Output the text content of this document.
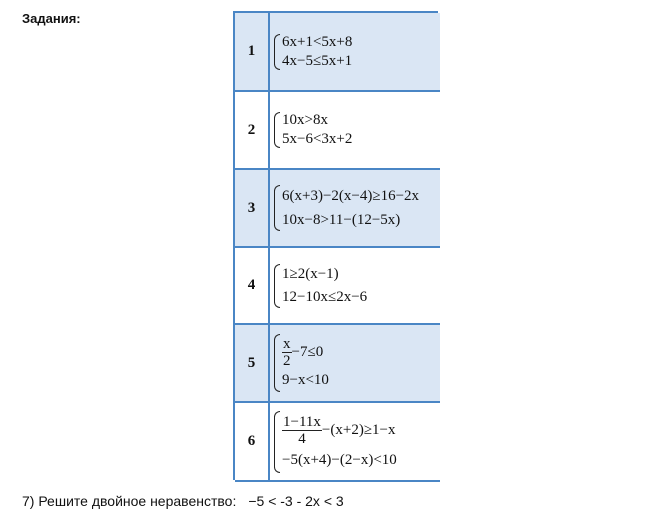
Задания:
1
6x+1<5x+8
4x−5≤5x+1
2
10x>8x
5x−6<3x+2
3
6(x+3)−2(x−4)≥16−2x
10x−8>11−(12−5x)
4
1≥2(x−1)
12−10x≤2x−6
5	$\frac{x}{2} -7\le 0$
9−x<10
6	$\frac{1-11x}{4} -(x+2)\ge 1-x$
−5(x+4)−(2−x)<10
7) Решите двойное неравенство: −5 < -3 - 2x < 3
